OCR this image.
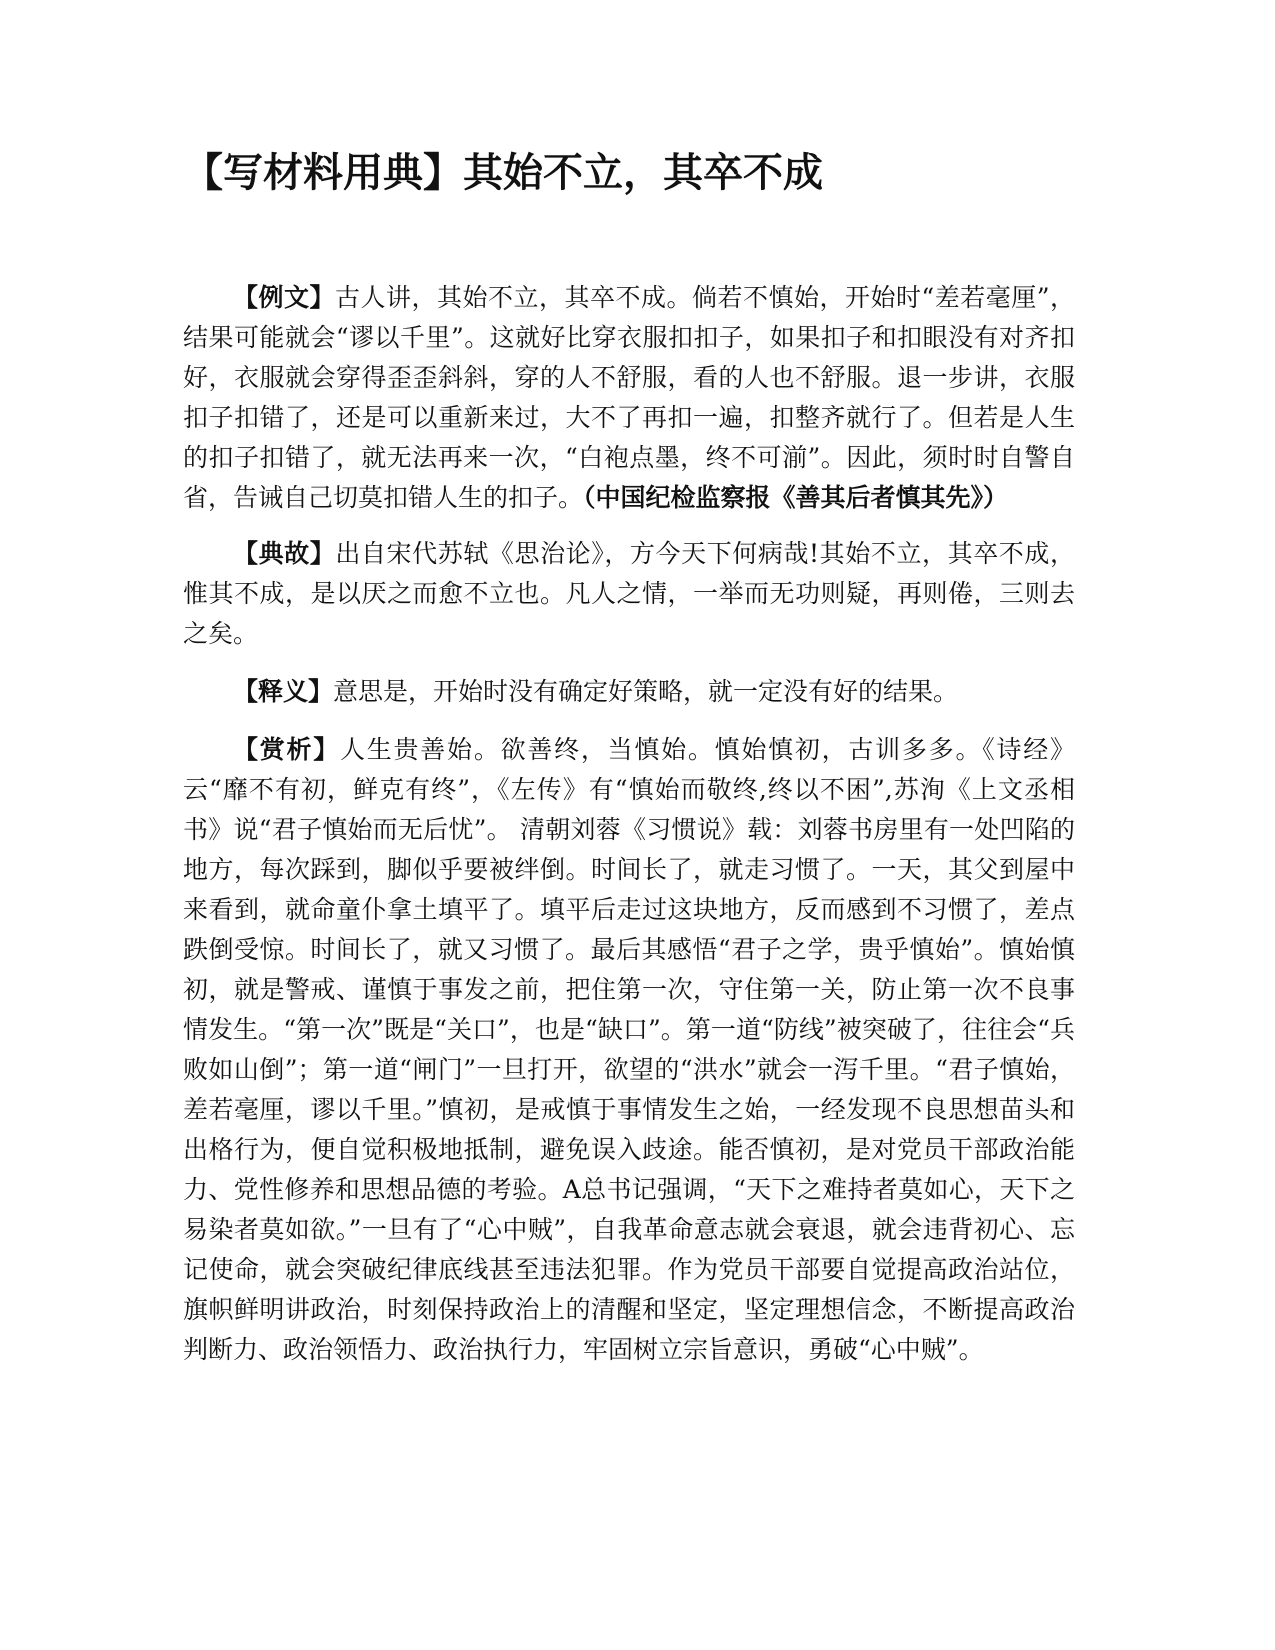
【写材料用典】其始不立，其卒不成

【例文】古人讲，其始不立，其卒不成。倘若不慎始，开始时“差若毫厘”，结果可能就会“谬以千里”。这就好比穿衣服扣扣子，如果扣子和扣眼没有对齐扣好，衣服就会穿得歪歪斜斜，穿的人不舒服，看的人也不舒服。退一步讲，衣服扣子扣错了，还是可以重新来过，大不了再扣一遍，扣整齐就行了。但若是人生的扣子扣错了，就无法再来一次，“白袍点墨，终不可湔”。因此，须时时自警自省，告诫自己切莫扣错人生的扣子。（中国纪检监察报《善其后者慎其先》）

【典故】出自宋代苏轼《思治论》，方今天下何病哉!其始不立，其卒不成，惟其不成，是以厌之而愈不立也。凡人之情，一举而无功则疑，再则倦，三则去之矣。

【释义】意思是，开始时没有确定好策略，就一定没有好的结果。

【赏析】人生贵善始。欲善终，当慎始。慎始慎初，古训多多。《诗经》云“靡不有初，鲜克有终”，《左传》有“慎始而敬终,终以不困”,苏洵《上文丞相书》说“君子慎始而无后忧”。 清朝刘蓉《习惯说》载：刘蓉书房里有一处凹陷的地方，每次踩到，脚似乎要被绊倒。时间长了，就走习惯了。一天，其父到屋中来看到，就命童仆拿土填平了。填平后走过这块地方，反而感到不习惯了，差点跌倒受惊。时间长了，就又习惯了。最后其感悟“君子之学，贵乎慎始”。慎始慎初，就是警戒、谨慎于事发之前，把住第一次，守住第一关，防止第一次不良事情发生。“第一次”既是“关口”，也是“缺口”。第一道“防线”被突破了，往往会“兵败如山倒”；第一道“闸门”一旦打开，欲望的“洪水”就会一泻千里。“君子慎始，差若毫厘，谬以千里。”慎初，是戒慎于事情发生之始，一经发现不良思想苗头和出格行为，便自觉积极地抵制，避免误入歧途。能否慎初，是对党员干部政治能力、党性修养和思想品德的考验。A总书记强调，“天下之难持者莫如心，天下之易染者莫如欲。”一旦有了“心中贼”，自我革命意志就会衰退，就会违背初心、忘记使命，就会突破纪律底线甚至违法犯罪。作为党员干部要自觉提高政治站位，旗帜鲜明讲政治，时刻保持政治上的清醒和坚定，坚定理想信念，不断提高政治判断力、政治领悟力、政治执行力，牢固树立宗旨意识，勇破“心中贼”。
